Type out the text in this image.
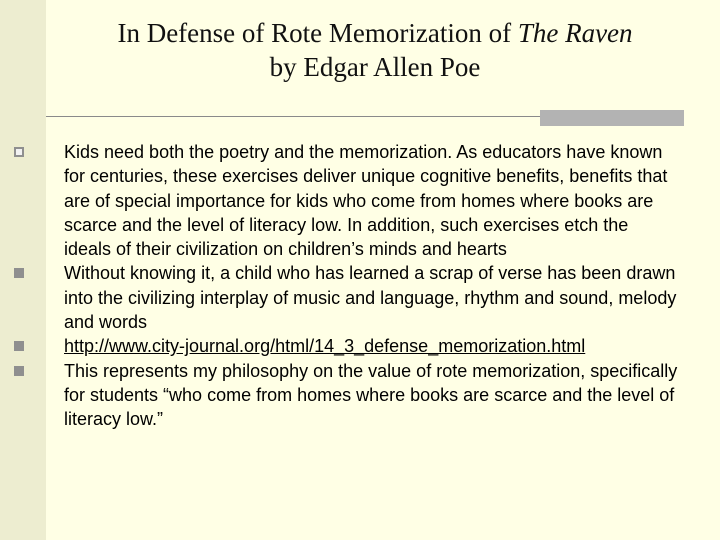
In Defense of Rote Memorization of The Raven
by Edgar Allen Poe
Kids need both the poetry and the memorization. As educators have known for centuries, these exercises deliver unique cognitive benefits, benefits that are of special importance for kids who come from homes where books are scarce and the level of literacy low. In addition, such exercises etch the ideals of their civilization on children’s minds and hearts
Without knowing it, a child who has learned a scrap of verse has been drawn into the civilizing interplay of music and language, rhythm and sound, melody and words
http://www.city-journal.org/html/14_3_defense_memorization.html
This represents my philosophy on the value of rote memorization, specifically for students “who come from homes where books are scarce and the level of literacy low.”
